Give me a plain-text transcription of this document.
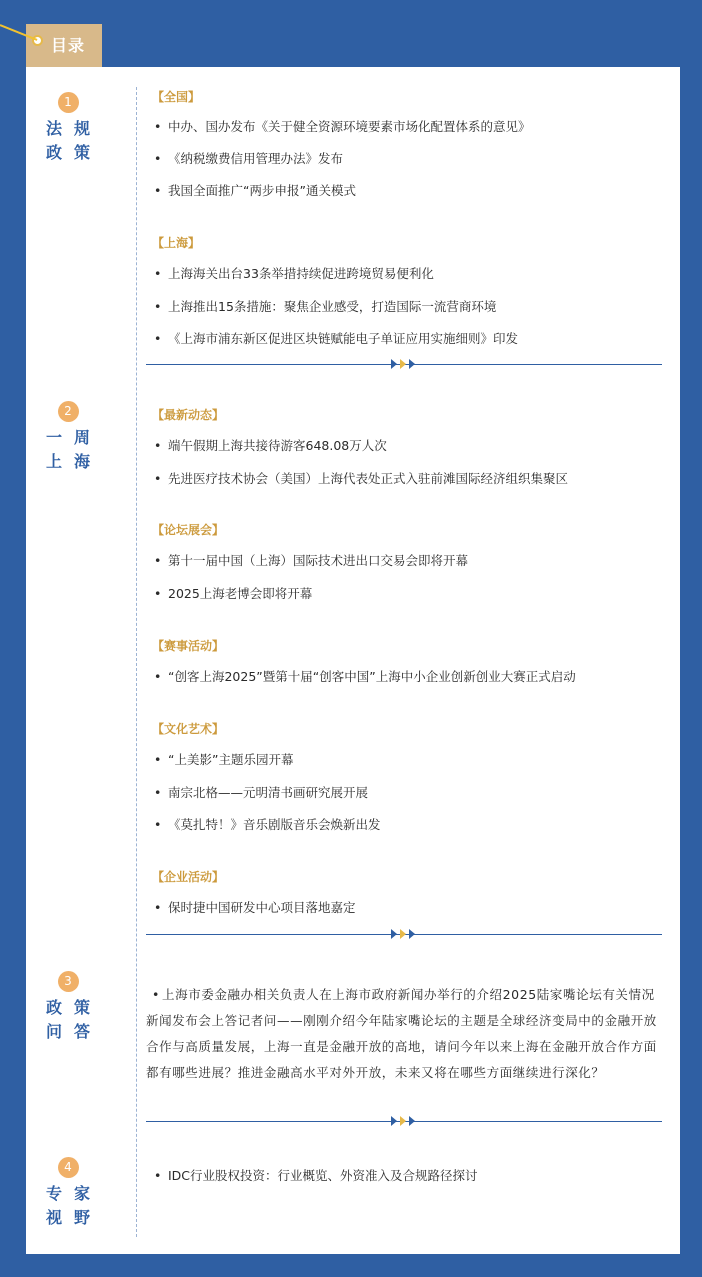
目录
1
法规
政策
2
一周
上海
3
政策
问答
4
专家
视野
【全国】
• 中办、国办发布《关于健全资源环境要素市场化配置体系的意见》
• 《纳税缴费信用管理办法》发布
• 我国全面推广“两步申报”通关模式
【上海】
• 上海海关出台33条举措持续促进跨境贸易便利化
• 上海推出15条措施：聚焦企业感受，打造国际一流营商环境
• 《上海市浦东新区促进区块链赋能电子单证应用实施细则》印发
【最新动态】
• 端午假期上海共接待游客648.08万人次
• 先进医疗技术协会（美国）上海代表处正式入驻前滩国际经济组织集聚区
【论坛展会】
• 第十一届中国（上海）国际技术进出口交易会即将开幕
• 2025上海老博会即将开幕
【赛事活动】
• “创客上海2025”暨第十届“创客中国”上海中小企业创新创业大赛正式启动
【文化艺术】
• “上美影”主题乐园开幕
• 南宗北格——元明清书画研究展开展
• 《莫扎特！》音乐剧版音乐会焕新出发
【企业活动】
• 保时捷中国研发中心项目落地嘉定
• 上海市委金融办相关负责人在上海市政府新闻办举行的介绍2025陆家嘴论坛有关情况新闻发布会上答记者问——刚刚介绍今年陆家嘴论坛的主题是全球经济变局中的金融开放合作与高质量发展，上海一直是金融开放的高地，请问今年以来上海在金融开放合作方面都有哪些进展？推进金融高水平对外开放，未来又将在哪些方面继续进行深化？
• IDC行业股权投资：行业概览、外资准入及合规路径探讨
